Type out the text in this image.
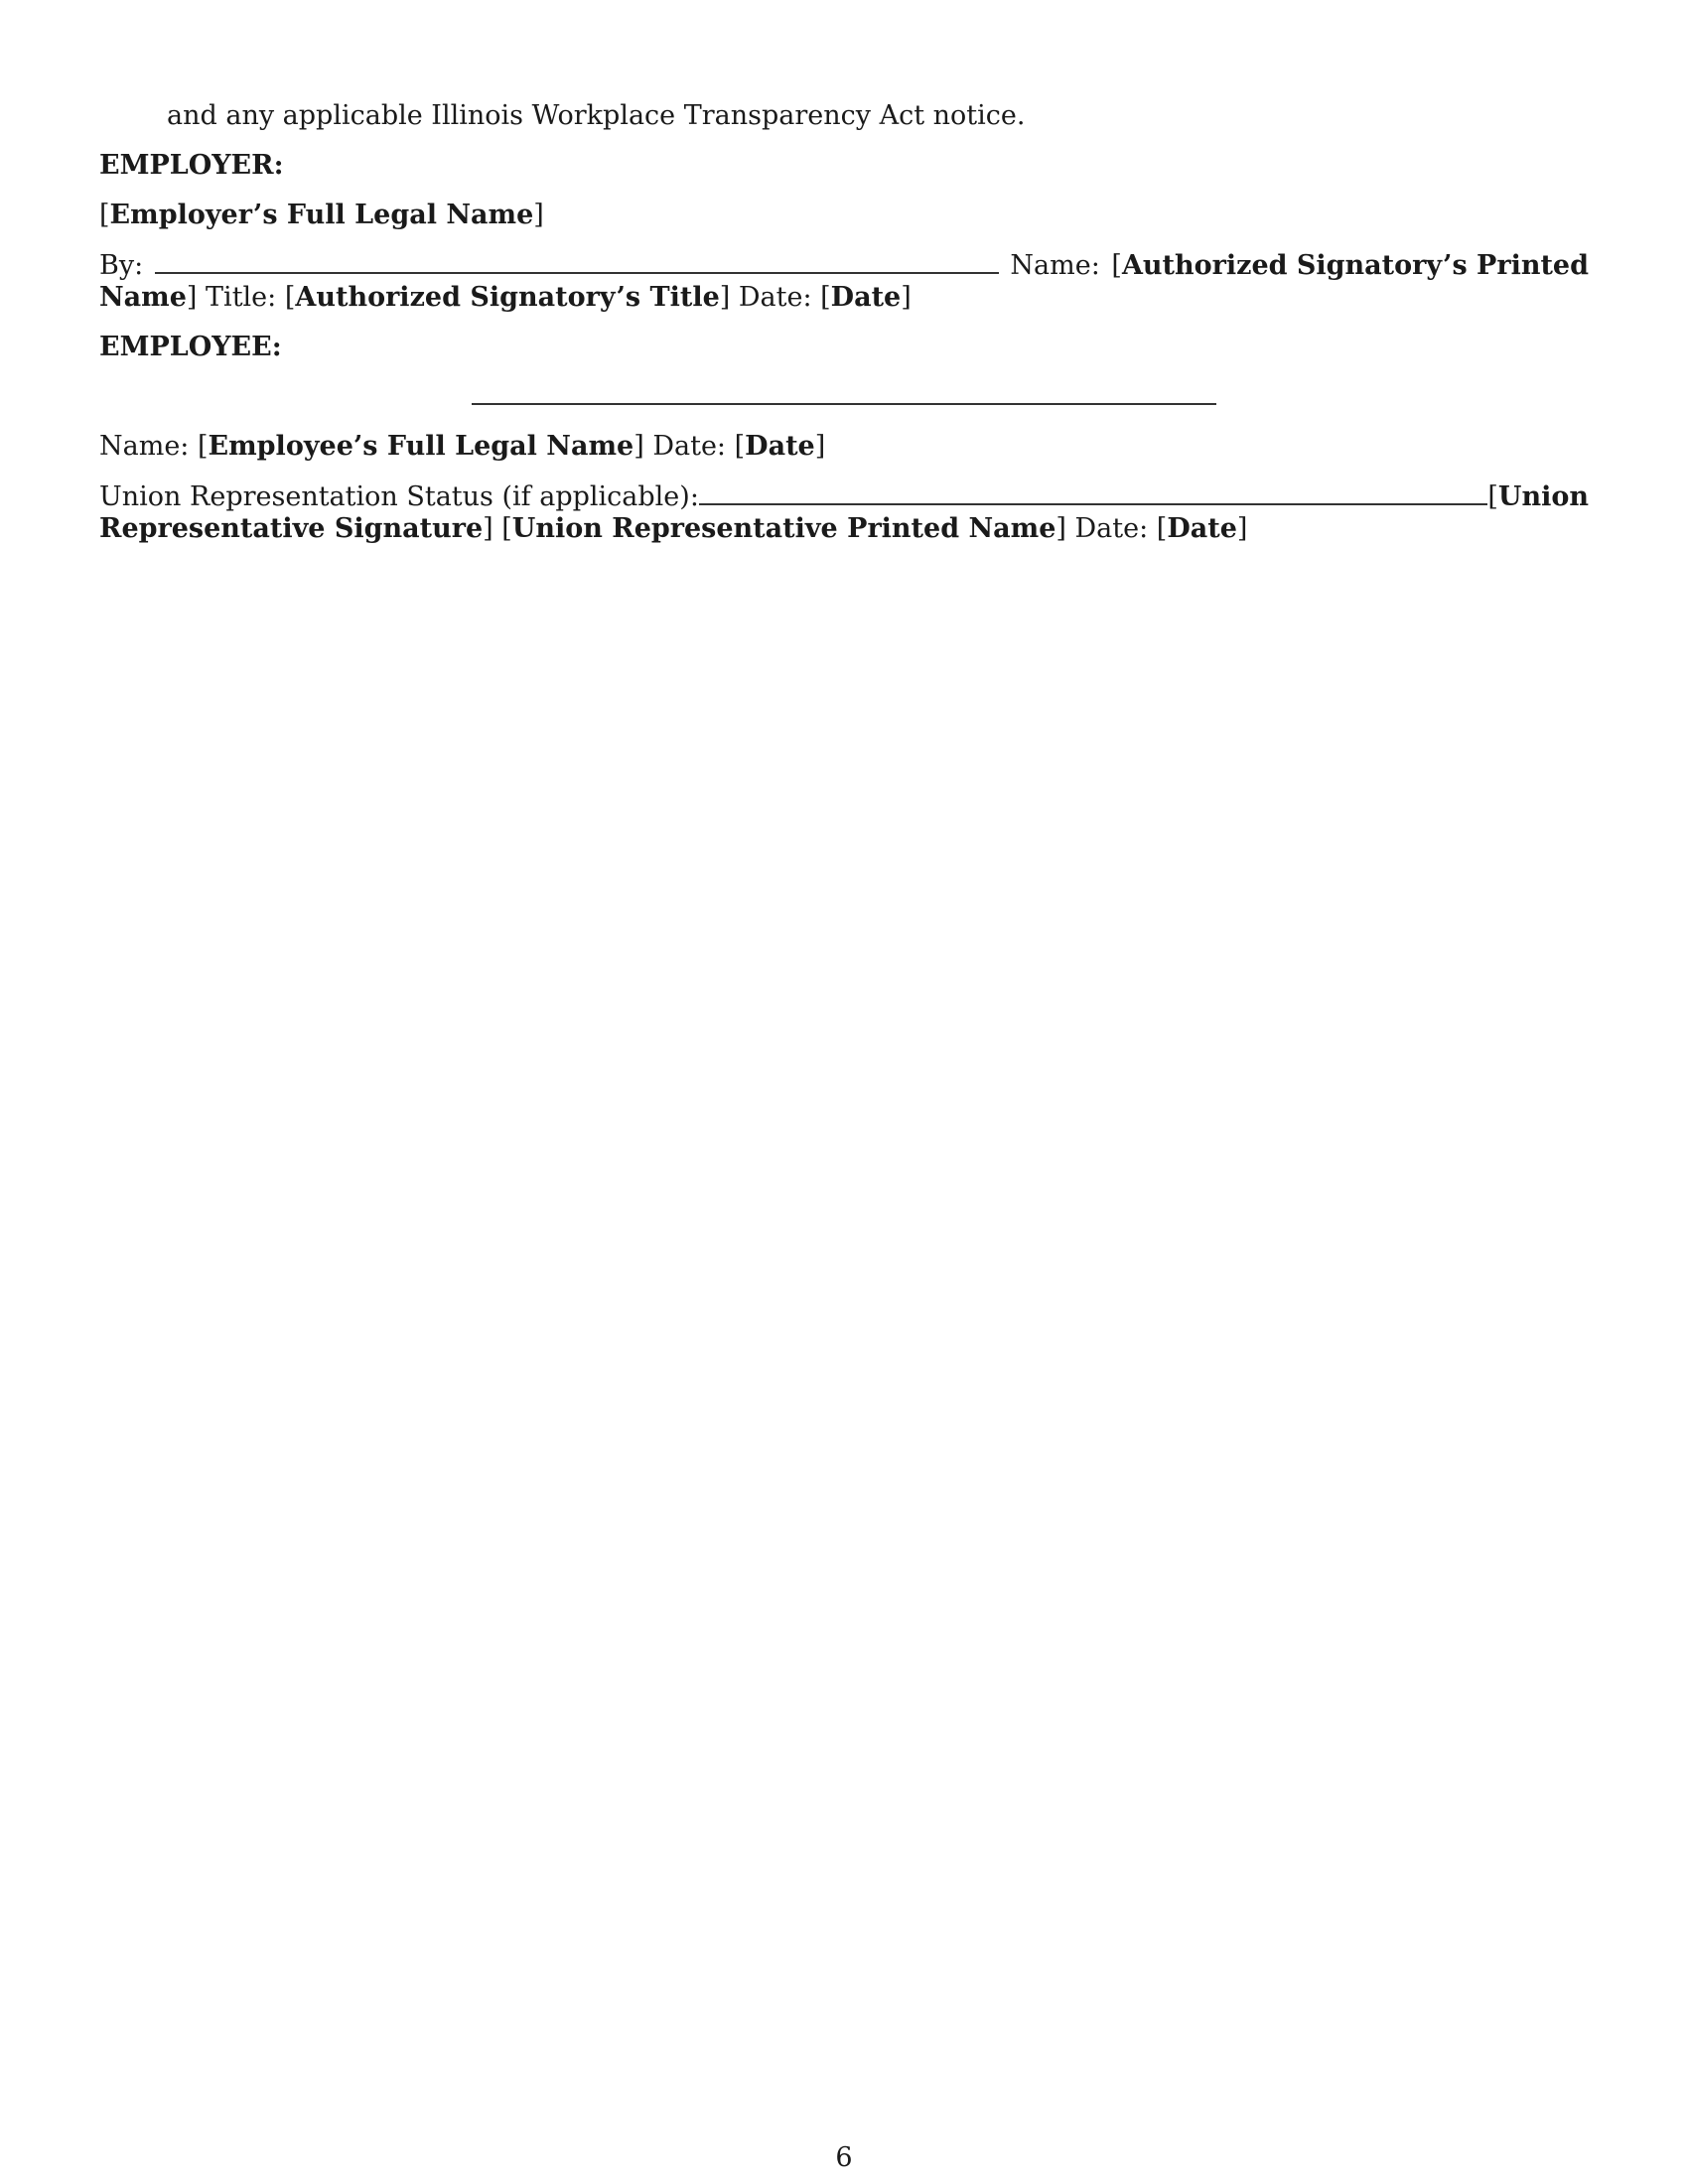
and any applicable Illinois Workplace Transparency Act notice.
EMPLOYER:
[Employer’s Full Legal Name]
By:	Name: [Authorized Signatory’s Printed
Name] Title: [Authorized Signatory’s Title] Date: [Date]
EMPLOYEE:
Name: [Employee’s Full Legal Name] Date: [Date]
Union Representation Status (if applicable):	[Union
Representative Signature] [Union Representative Printed Name] Date: [Date]
6
